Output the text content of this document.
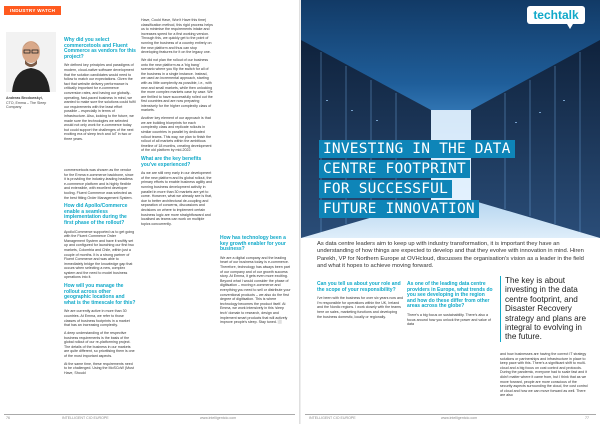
INDUSTRY WATCH
Andreas Brodowskyi,
CTO, Emma – The Sleep Company
Why did you select commercetools and Fluent Commerce as vendors for this project?

We defined key principles and paradigms of modern, cloud-native software development that the solution candidates would need to follow to match our expectations. Given the fact that website delivery performance is critically important for e-commerce conversion rates, and having our globally-operating, fast-paced business in mind, we wanted to make sure the solutions could fulfil our requirements with the least effort possible – especially in terms of infrastructure. Also, looking to the future, we made sure the technologies we selected would not only work for e-commerce today but could support the challenges of the next exciting era of sleep tech and IoT in two or three years.

commercetools was chosen as the vendor for the Emma e-commerce backbone, since it is providing the industry-leading headless e-commerce platform and is highly flexible and extensible, with excellent developer tooling. Fluent Commerce was selected as the best fitting Order Management System.

How did Apollo/Commerce enable a seamless implementation during the first phase of the rollout?

Apollo/Commerce supported us to get going with the Fluent Commerce Order Management System and have it swiftly set up and configured for launching our first two markets, Colombia and Chile, within just a couple of months. It is a strong partner of Fluent Commerce and was able to immediately bridge the knowledge gap that occurs when selecting a new, complex system and the need to model business operations into it.

How will you manage the rollout across other geographic locations and what is the timescale for this?

We are currently active in more than 30 countries. At Emma, we refer to those classes of business footprints in a market that has an increasing complexity.

A deep understanding of the respective business requirements is the basis of the global rollout of our re-platforming project. The details of the business in our markets are quite different, so prioritising them is one of the most important aspects.

At the same time, these requirements need to be challenged. Using the MoSCoW (Must Have, Should

Have, Could Have, Won't Have this time) classification method, this rigid process helps us to minimise the requirements intake and increases speed for a first working version. Through this, we quickly get to the point of running the business of a country entirely on the new platform and thus can stop developing features for it on the legacy one.

We did not plan the rollout of our business onto the new platform as a 'big bang' scenario where you flip the switch for all of the business in a single instance. Instead, we used an incremental approach, starting with as little complexity as possible, i.e., with new and small markets, while then unlocking the more complex markets case by case. We are thrilled to have successfully rolled out the first countries and are now preparing intensively for the higher complexity class of markets.

Another key element of our approach is that we are building blueprints for each complexity class and replicate rollouts in similar countries in parallel by dedicated rollout teams. This way, we plan to finish the rollout of all markets within the ambitious timeline of 18 months, creating development of the old platform by mid-2022.

What are the key benefits you've experienced?

As we are still very early in our development of the new platform and its global rollout, the primary efforts to enable business agility and running business development activity in parallel in more than 30 markets are yet to come. However, what we already see is that, due to better architectural de-coupling and separation of concerns, discussions and decisions on where to implement certain business logic are more straightforward and localised as teams can work on multiple topics concurrently.

How has technology been a key growth enabler for your business?

We are a digital company and the leading heart of our business today is e-commerce. Therefore, technology has always been part of our company and of our growth success story. At Emma, it gets even more exciting. Beyond what I would consider the phase of digitisation – moving e-commerce and everything you need to sell or distribute your conventional products – we also do the first degree of digitisation. This is where technology becomes the product itself. At Emma, we work intensively in this 'sleep tech' domain to research, design and implement smart products that will actively improve people's sleep. Stay tuned. ⬜

76	INTELLIGENT CIO EUROPE	www.intelligentcio.com
techtalk
INVESTING IN THE DATA
CENTRE FOOTPRINT
FOR SUCCESSFUL
FUTURE INNOVATION
As data centre leaders aim to keep up with industry transformation, it is important they have an understanding of how things are expected to develop and that they evolve with innovation in mind. Hiren Parekh, VP for Northern Europe at OVHcloud, discusses the organisation's vision as a leader in the field and what it hopes to achieve moving forward.
Can you tell us about your role and the scope of your responsibility?

I've been with the business for over six years now and I'm responsible for operations within the UK, Ireland and the Nordic regions. I work closely with the teams here on sales, marketing functions and developing the business domestic, locally or regionally.

As one of the leading data centre providers in Europe, what trends do you see developing in the region and how do these differ from other areas across the globe?

There's a big focus on sustainability. There's also a focus around how you unlock the power and value of data

The key is about investing in the data centre footprint, and Disaster Recovery strategy and plans are integral to evolving in the future.

and how businesses are having the correct IT strategy solutions or partnerships and infrastructure in place to keep pace with this. There's a significant shift to multi-cloud and a big focus on cost control and protocols. During the pandemic, everyone had to scale fast and it didn't matter where it came from, but I think that as we move forward, people are more conscious of the security aspects surrounding the cloud, the cost control of cloud and how we can move forward as well. There are also

INTELLIGENT CIO EUROPE	www.intelligentcio.com	77
